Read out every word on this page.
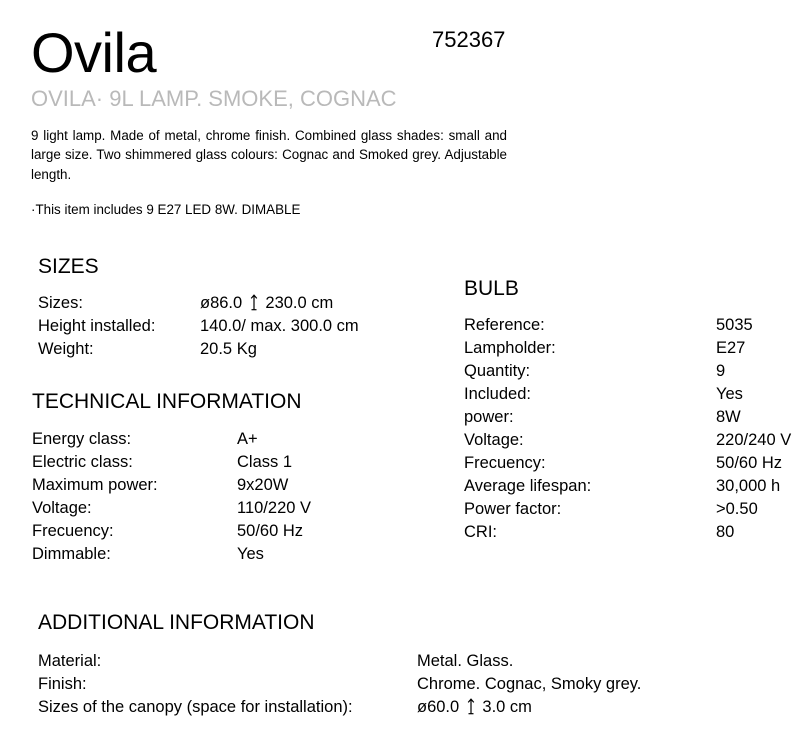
Ovila	752367
OVILA· 9L LAMP. SMOKE, COGNAC
9 light lamp. Made of metal, chrome finish. Combined glass shades: small and large size. Two shimmered glass colours: Cognac and Smoked grey. Adjustable length.
·This item includes 9 E27 LED 8W. DIMABLE
SIZES
Sizes:	ø86.0 230.0 cm
Height installed:	140.0/ max. 300.0 cm
Weight:	20.5 Kg
TECHNICAL INFORMATION
Energy class:	A+
Electric class:	Class 1
Maximum power:	9x20W
Voltage:	110/220 V
Frecuency:	50/60 Hz
Dimmable:	Yes
BULB
Reference:	5035
Lampholder:	E27
Quantity:	9
Included:	Yes
power:	8W
Voltage:	220/240 V
Frecuency:	50/60 Hz
Average lifespan:	30,000 h
Power factor:	>0.50
CRI:	80
ADDITIONAL INFORMATION
Material:	Metal. Glass.
Finish:	Chrome. Cognac, Smoky grey.
Sizes of the canopy (space for installation):	ø60.0 3.0 cm
